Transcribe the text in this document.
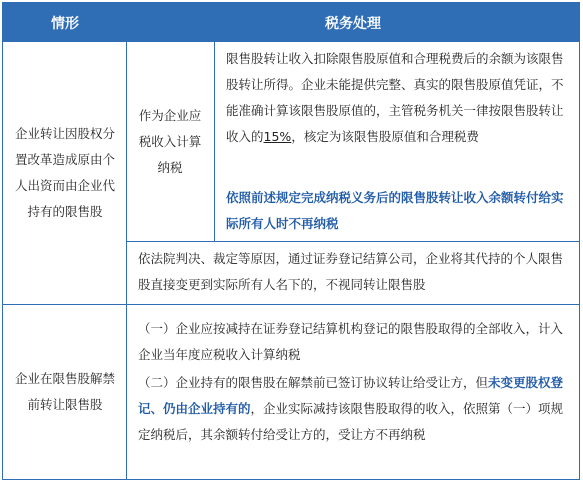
情形	税务处理
企业转让因股权分置改革造成原由个人出资而由企业代持有的限售股
作为企业应税收入计算纳税
限售股转让收入扣除限售股原值和合理税费后的余额为该限售股转让所得。企业未能提供完整、真实的限售股原值凭证，不能准确计算该限售股原值的，主管税务机关一律按限售股转让收入的15%，核定为该限售股原值和合理税费
依照前述规定完成纳税义务后的限售股转让收入余额转付给实际所有人时不再纳税
依法院判决、裁定等原因，通过证券登记结算公司，企业将其代持的个人限售股直接变更到实际所有人名下的，不视同转让限售股
企业在限售股解禁前转让限售股
（一）企业应按减持在证券登记结算机构登记的限售股取得的全部收入，计入企业当年度应税收入计算纳税
（二）企业持有的限售股在解禁前已签订协议转让给受让方，但未变更股权登记、仍由企业持有的，企业实际减持该限售股取得的收入，依照第（一）项规定纳税后，其余额转付给受让方的，受让方不再纳税
